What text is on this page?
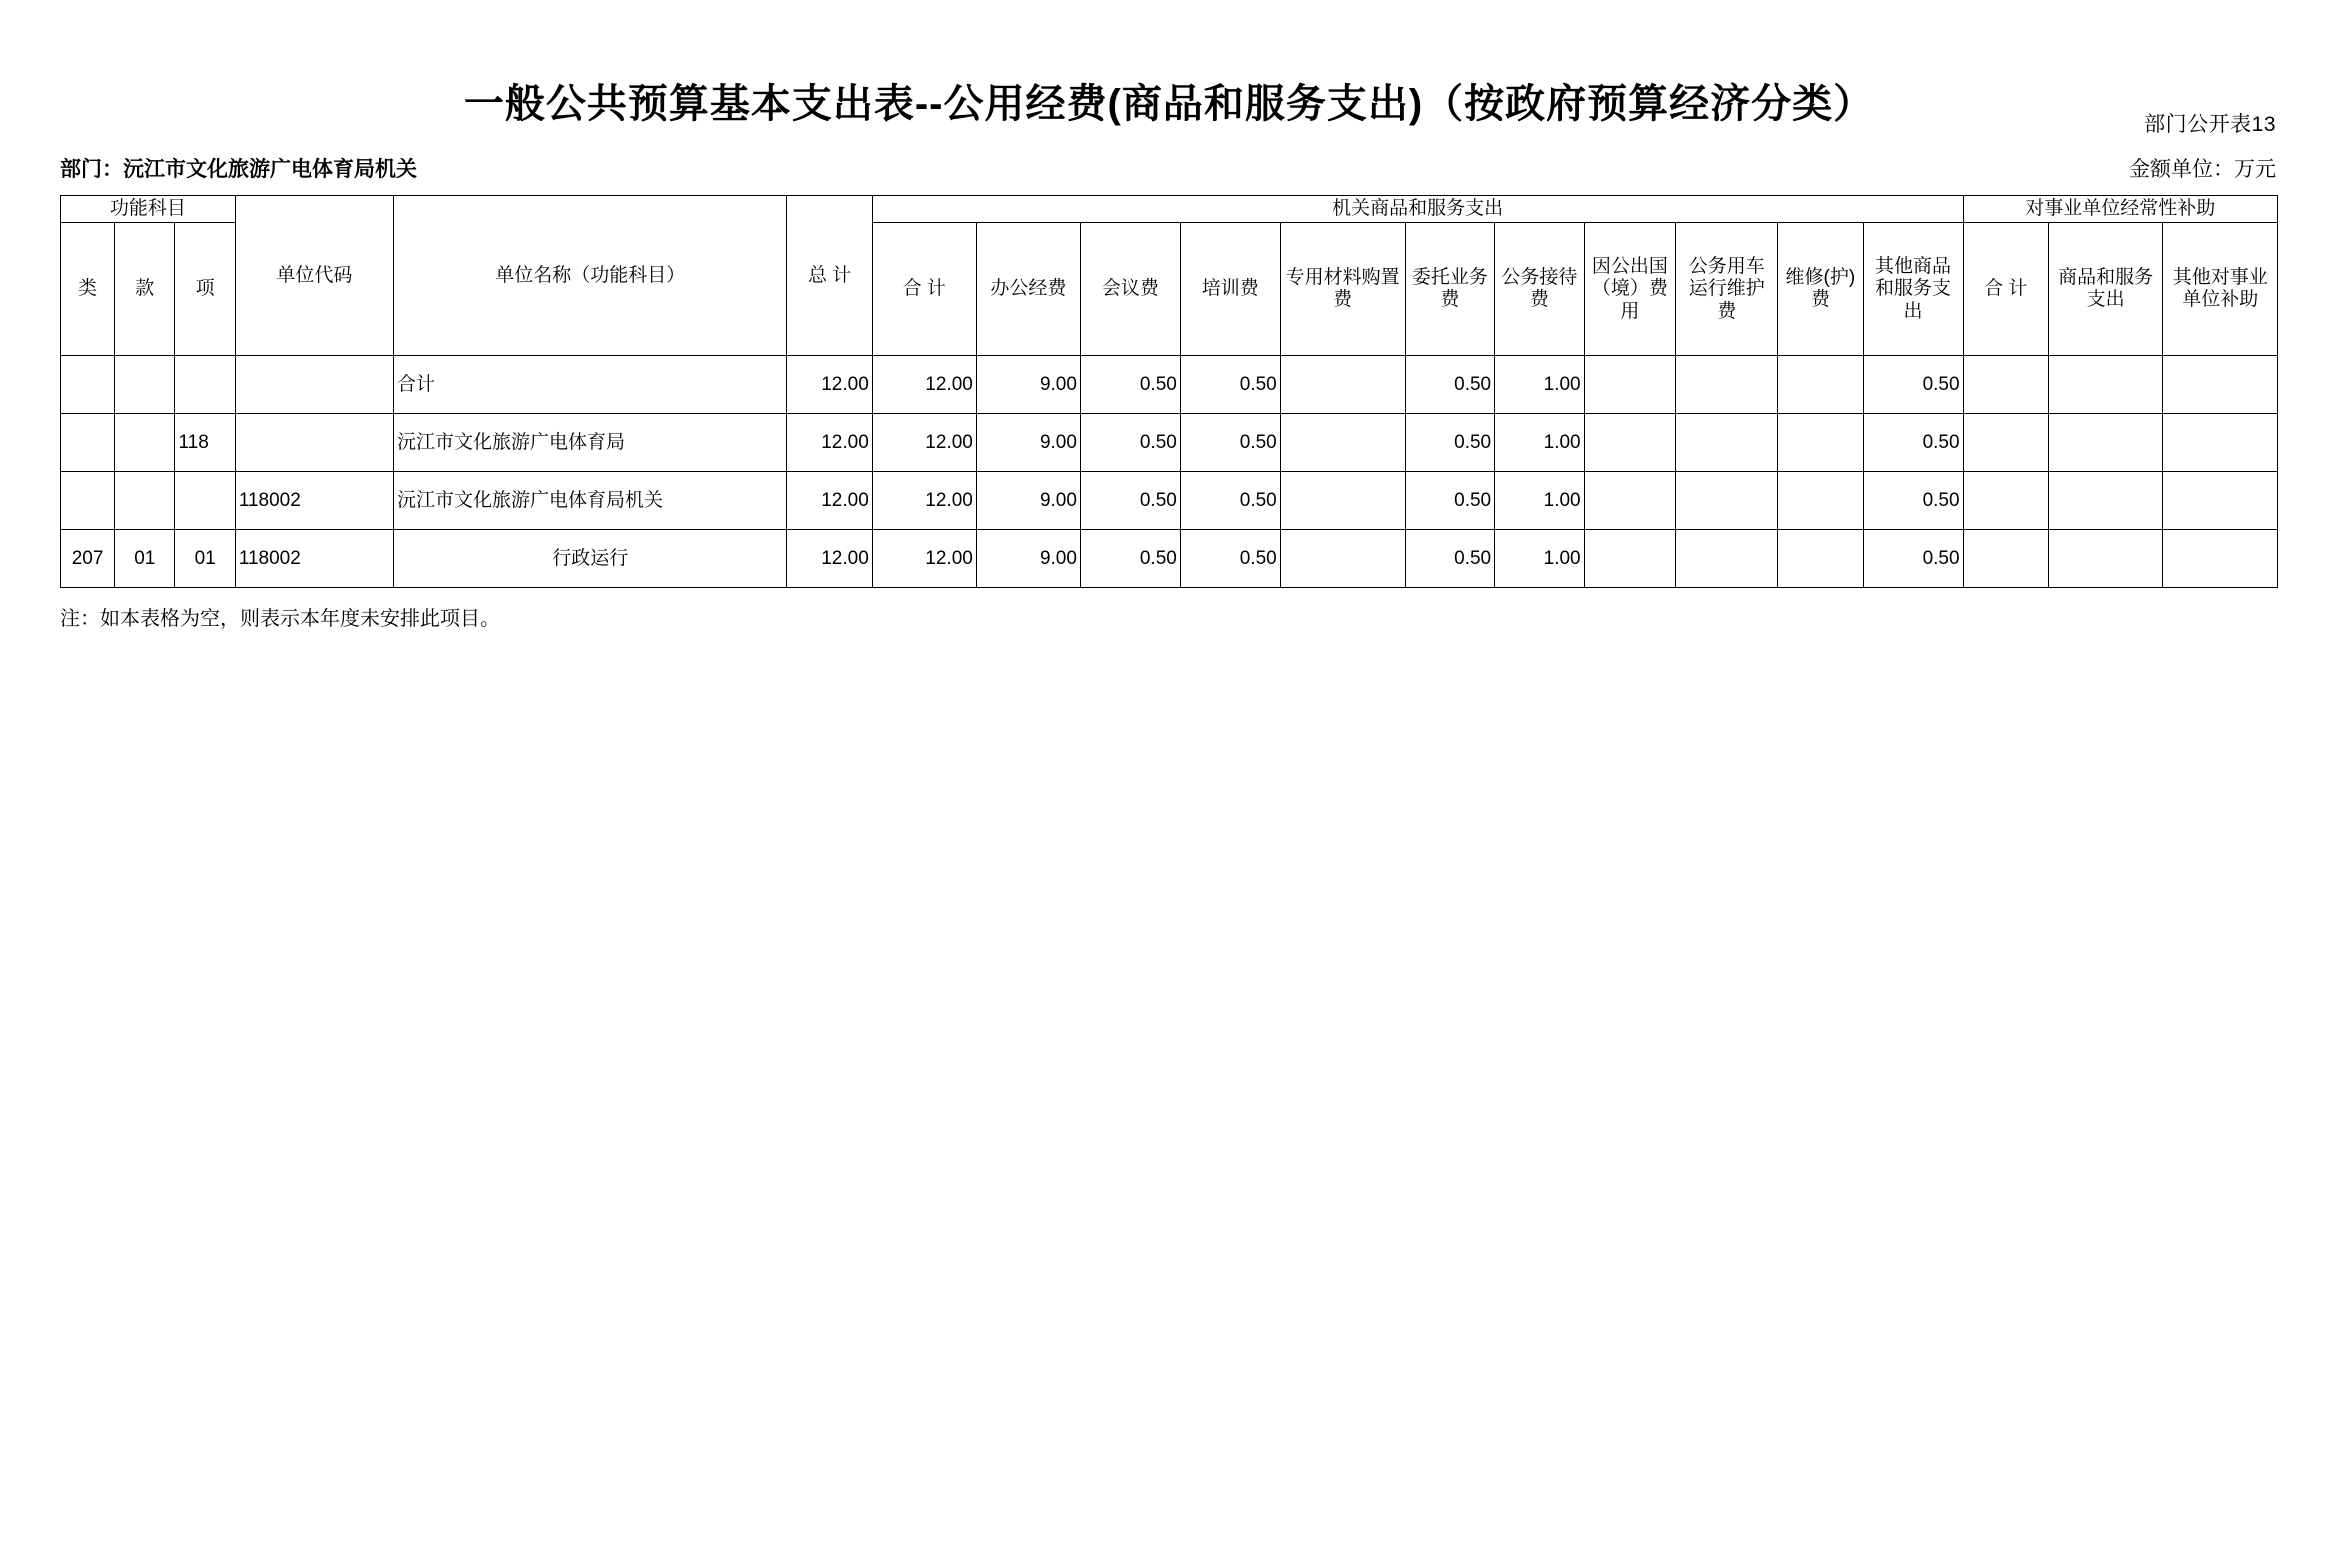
部门公开表13
一般公共预算基本支出表--公用经费(商品和服务支出)（按政府预算经济分类）
部门：沅江市文化旅游广电体育局机关	金额单位：万元
功能科目			单位代码	单位名称（功能科目）	总 计	机关商品和服务支出											对事业单位经常性补助		
类	款	项				合 计	办公经费	会议费	培训费	专用材料购置费	委托业务费	公务接待费	因公出国（境）费用	公务用车运行维护费	维修(护)费	其他商品和服务支出	合 计	商品和服务支出	其他对事业单位补助
				合计	12.00	12.00	9.00	0.50	0.50		0.50	1.00				0.50			
		118		沅江市文化旅游广电体育局	12.00	12.00	9.00	0.50	0.50		0.50	1.00				0.50			
			118002	沅江市文化旅游广电体育局机关	12.00	12.00	9.00	0.50	0.50		0.50	1.00				0.50			
207	01	01	118002	行政运行	12.00	12.00	9.00	0.50	0.50		0.50	1.00				0.50			
注：如本表格为空，则表示本年度未安排此项目。
